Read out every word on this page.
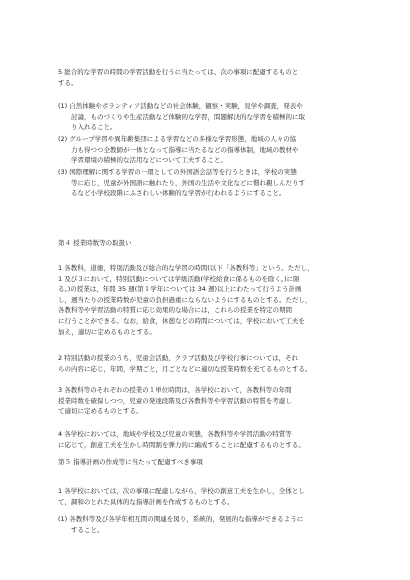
5 総合的な学習の時間の学習活動を行うに当たっては、次の事項に配慮するものと
する。

(1) 自然体験やボランティア活動などの社会体験，観察・実験，見学や調査，発表や
　　討論，ものづくりや生産活動など体験的な学習，問題解決的な学習を積極的に取
　　り入れること。

(2) グループ学習や異年齢集団による学習などの多様な学習形態，地域の人々の協
　　力も得つつ全教師が一体となって指導に当たるなどの指導体制，地域の教材や
　　学習環境の積極的な活用などについて工夫すること。

(3) 国際理解に関する学習の一環としての外国語会話等を行うときは，学校の実態
　　等に応じ，児童が外国語に触れたり，外国の生活や文化などに慣れ親しんだりす
　　るなど小学校段階にふさわしい体験的な学習が行われるようにすること。

第４ 授業時数等の取扱い

1 各教科，道徳，特別活動及び総合的な学習の時間(以下「各教科等」という。ただし，
1 及び３において，特別活動については学級活動(学校給食に係るものを除く。)に限
る。)の授業は，年間 35 週(第１学年については 34 週)以上にわたって行うよう計画
し，週当たりの授業時数が児童の負担過重にならないようにするものとする。ただし，
各教科等や学習活動の特質に応じ効果的な場合には，これらの授業を特定の期間
に行うことができる。なお，給食，休憩などの時間については，学校において工夫を
加え，適切に定めるものとする。

2 特別活動の授業のうち，児童会活動，クラブ活動及び学校行事については，それ
らの内容に応じ，年間，学期ごと，月ごとなどに適切な授業時数を充てるものとする。

3 各教科等のそれぞれの授業の１単位時間は，各学校において，各教科等の年間
授業時数を確保しつつ，児童の発達段階及び各教科等や学習活動の特質を考慮し
て適切に定めるものとする。

4 各学校においては，地域や学校及び児童の実態，各教科等や学習活動の特質等
に応じて，創意工夫を生かし時間割を弾力的に編成することに配慮するものとする。

第５ 指導計画の作成等に当たって配慮すべき事項

1 各学校においては，次の事項に配慮しながら，学校の創意工夫を生かし，全体とし
て，調和のとれた具体的な指導計画を作成するものとする。

(1) 各教科等及び各学年相互間の関連を図り，系統的，発展的な指導ができるように
　　すること。
